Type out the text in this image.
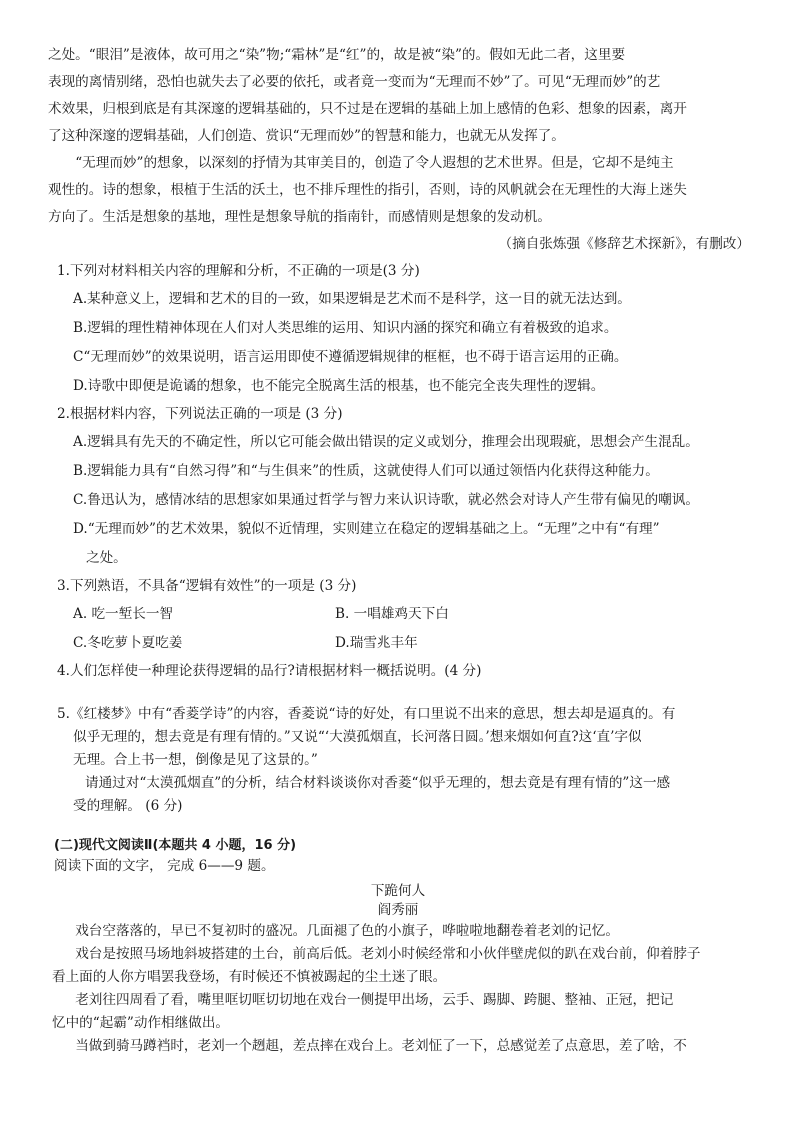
之处。“眼泪”是液体，故可用之“染”物;“霜林”是“红”的，故是被“染”的。假如无此二者，这里要
表现的离情别绪，恐怕也就失去了必要的依托，或者竟一变而为“无理而不妙”了。可见“无理而妙”的艺
术效果，归根到底是有其深邃的逻辑基础的，只不过是在逻辑的基础上加上感情的色彩、想象的因素，离开
了这种深邃的逻辑基础，人们创造、赏识“无理而妙”的智慧和能力，也就无从发挥了。

“无理而妙”的想象，以深刻的抒情为其审美目的，创造了令人遐想的艺术世界。但是，它却不是纯主
观性的。诗的想象，根植于生活的沃土，也不排斥理性的指引，否则，诗的风帆就会在无理性的大海上迷失
方向了。生活是想象的基地，理性是想象导航的指南针，而感情则是想象的发动机。

（摘自张炼强《修辞艺术探新》，有删改）

1.下列对材料相关内容的理解和分析，不正确的一项是(3 分)
A.某种意义上，逻辑和艺术的目的一致，如果逻辑是艺术而不是科学，这一目的就无法达到。
B.逻辑的理性精神体现在人们对人类思维的运用、知识内涵的探究和确立有着极致的追求。
C“无理而妙”的效果说明，语言运用即使不遵循逻辑规律的框框，也不碍于语言运用的正确。
D.诗歌中即便是诡谲的想象，也不能完全脱离生活的根基，也不能完全丧失理性的逻辑。
2.根据材料内容，下列说法正确的一项是 (3 分)
A.逻辑具有先天的不确定性，所以它可能会做出错误的定义或划分，推理会出现瑕疵，思想会产生混乱。
B.逻辑能力具有“自然习得”和“与生俱来”的性质，这就使得人们可以通过领悟内化获得这种能力。
C.鲁迅认为，感情冰结的思想家如果通过哲学与智力来认识诗歌，就必然会对诗人产生带有偏见的嘲讽。
D.“无理而妙”的艺术效果，貌似不近情理，实则建立在稳定的逻辑基础之上。“无理”之中有“有理”
之处。
3.下列熟语，不具备“逻辑有效性”的一项是 (3 分)
A. 吃一堑长一智	B. 一唱雄鸡天下白
C.冬吃萝卜夏吃姜	D.瑞雪兆丰年
4.人们怎样使一种理论获得逻辑的品行?请根据材料一概括说明。(4 分)

5.《红楼梦》中有“香菱学诗”的内容，香菱说“诗的好处，有口里说不出来的意思，想去却是逼真的。有

似乎无理的，想去竟是有理有情的。”又说“‘大漠孤烟直，长河落日圆。’想来烟如何直?这‘直’字似

无理。合上书一想，倒像是见了这景的。”

请通过对“太漠孤烟直”的分析，结合材料谈谈你对香菱“似乎无理的，想去竟是有理有情的”这一感

受的理解。 (6 分)

(二)现代文阅读Ⅱ(本题共 4 小题，16 分)
阅读下面的文字， 完成 6——9 题。
下跪何人
阎秀丽

戏台空落落的，早已不复初时的盛况。几面褪了色的小旗子，哗啦啦地翻卷着老刘的记忆。

戏台是按照马场地斜坡搭建的土台，前高后低。老刘小时候经常和小伙伴壁虎似的趴在戏台前，仰着脖子

看上面的人你方唱罢我登场，有时候还不慎被踢起的尘土迷了眼。

老刘往四周看了看，嘴里哐切哐切切地在戏台一侧提甲出场，云手、踢脚、跨腿、整袖、正冠，把记

忆中的“起霸”动作相继做出。

当做到骑马蹲裆时，老刘一个趔趄，差点摔在戏台上。老刘怔了一下，总感觉差了点意思，差了啥，不
